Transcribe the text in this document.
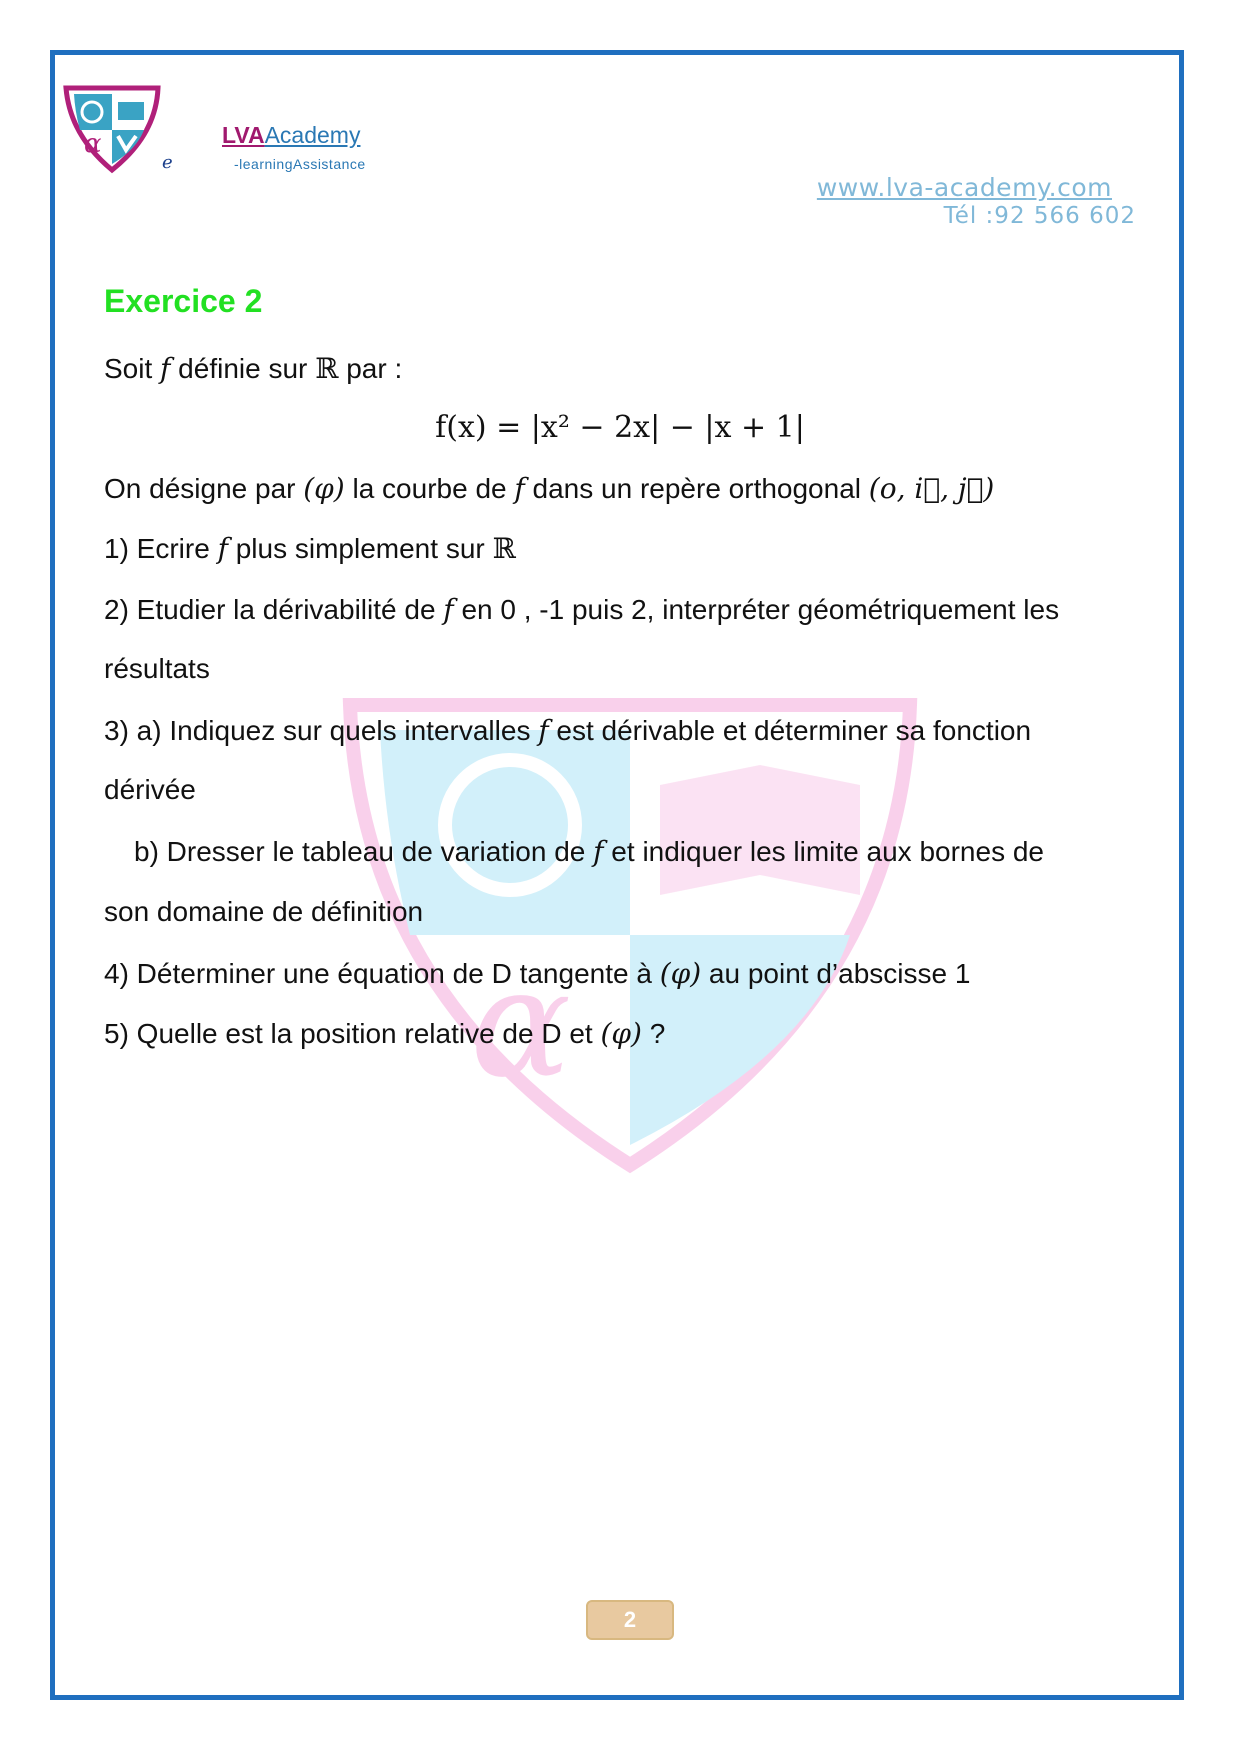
α
e
LVAAcademy
-learningAssistance
www.lva-academy.com
Tél :92 566 602
α
Exercice 2
Soit f définie sur ℝ par :
f(x) = |x² − 2x| − |x + 1|
On désigne par (φ) la courbe de f dans un repère orthogonal (o, i⃗, j⃗)
1) Ecrire f plus simplement sur ℝ
2) Etudier la dérivabilité de f en 0 , -1 puis 2, interpréter géométriquement les
résultats
3) a) Indiquez sur quels intervalles f est dérivable et déterminer sa fonction
dérivée
b) Dresser le tableau de variation de f et indiquer les limite aux bornes de
son domaine de définition
4) Déterminer une équation de D tangente à (φ) au point d’abscisse 1
5) Quelle est la position relative de D et (φ) ?
2
